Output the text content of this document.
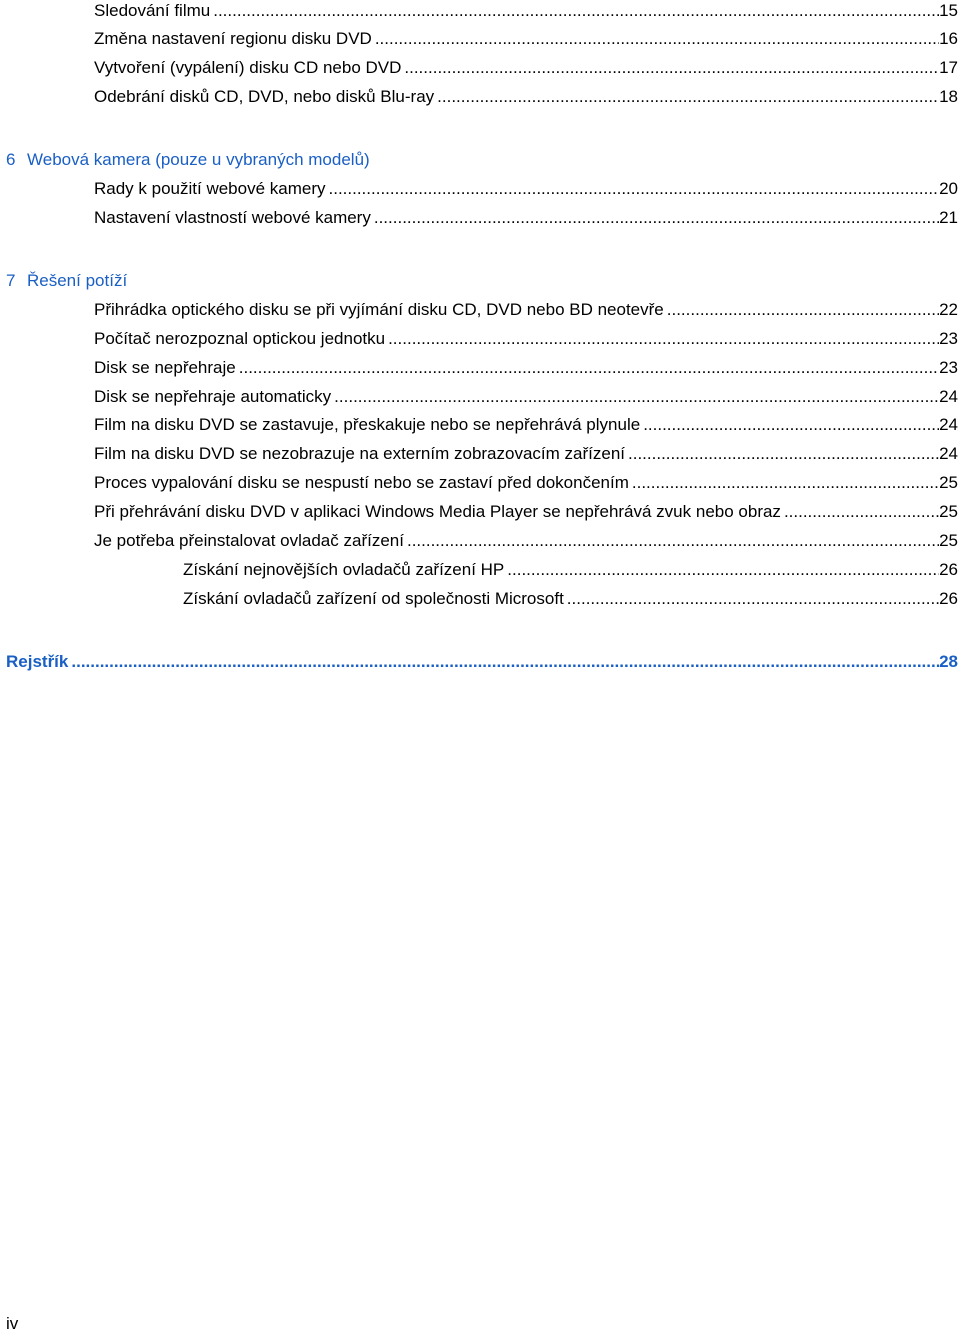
Sledování filmu .....	15
Změna nastavení regionu disku DVD .....	16
Vytvoření (vypálení) disku CD nebo DVD .....	17
Odebrání disků CD, DVD, nebo disků Blu-ray .....	18
6 Webová kamera (pouze u vybraných modelů)
Rady k použití webové kamery .....	20
Nastavení vlastností webové kamery .....	21
7 Řešení potíží
Přihrádka optického disku se při vyjímání disku CD, DVD nebo BD neotevře .....	22
Počítač nerozpoznal optickou jednotku .....	23
Disk se nepřehraje .....	23
Disk se nepřehraje automaticky .....	24
Film na disku DVD se zastavuje, přeskakuje nebo se nepřehrává plynule .....	24
Film na disku DVD se nezobrazuje na externím zobrazovacím zařízení .....	24
Proces vypalování disku se nespustí nebo se zastaví před dokončením .....	25
Při přehrávání disku DVD v aplikaci Windows Media Player se nepřehrává zvuk nebo obraz .....	25
Je potřeba přeinstalovat ovladač zařízení .....	25
Získání nejnovějších ovladačů zařízení HP .....	26
Získání ovladačů zařízení od společnosti Microsoft .....	26
Rejstřík .....	28
iv
